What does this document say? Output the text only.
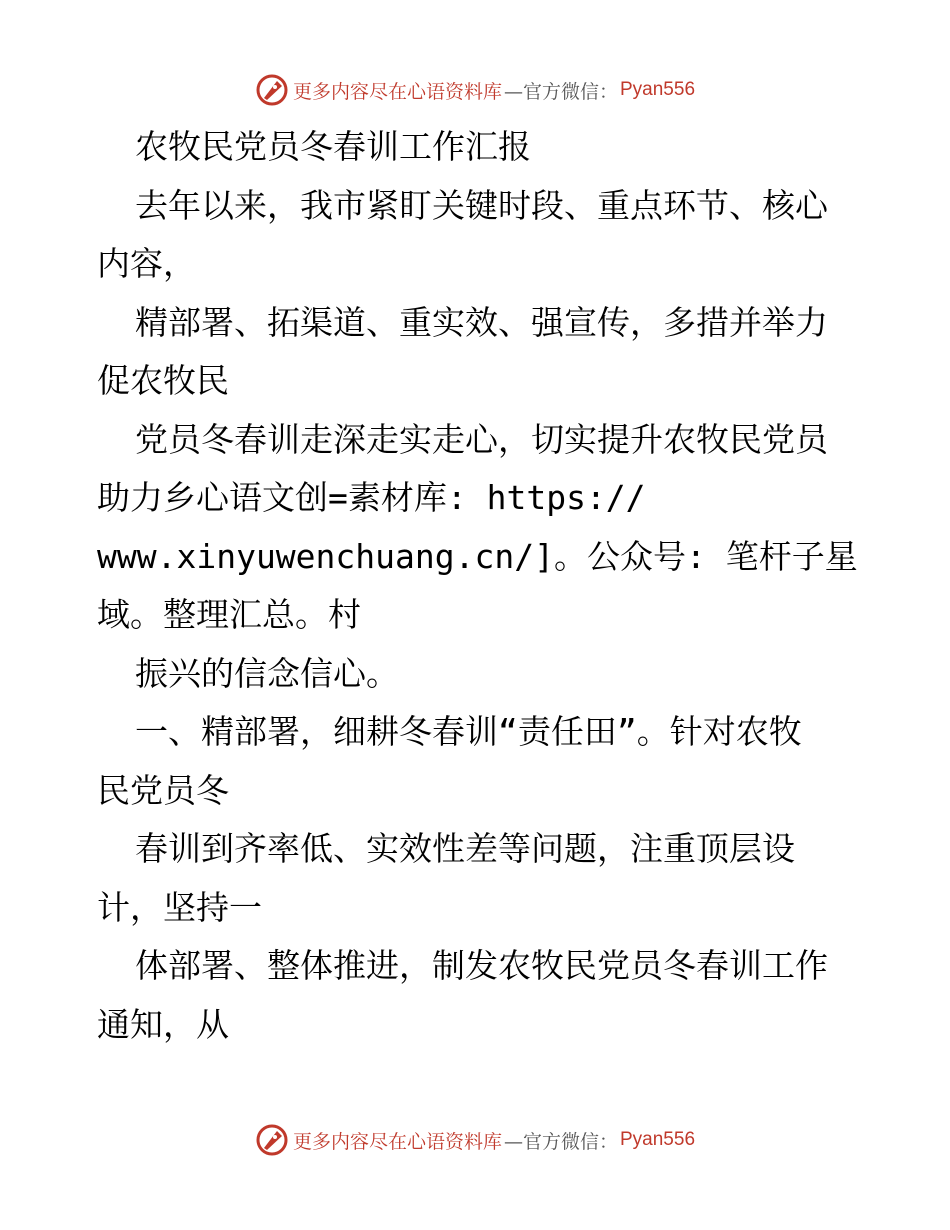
更多内容尽在心语资料库 —官方微信： Pyan556
农牧民党员冬春训工作汇报
去年以来，我市紧盯关键时段、重点环节、核心
内容，
精部署、拓渠道、重实效、强宣传，多措并举力
促农牧民
党员冬春训走深走实走心，切实提升农牧民党员
助力乡心语文创=素材库: https://
www.xinyuwenchuang.cn/]。公众号: 笔杆子星
域。整理汇总。村
振兴的信念信心。
一、精部署，细耕冬春训“责任田”。针对农牧
民党员冬
春训到齐率低、实效性差等问题，注重顶层设
计，坚持一
体部署、整体推进，制发农牧民党员冬春训工作
通知，从
更多内容尽在心语资料库 —官方微信： Pyan556
